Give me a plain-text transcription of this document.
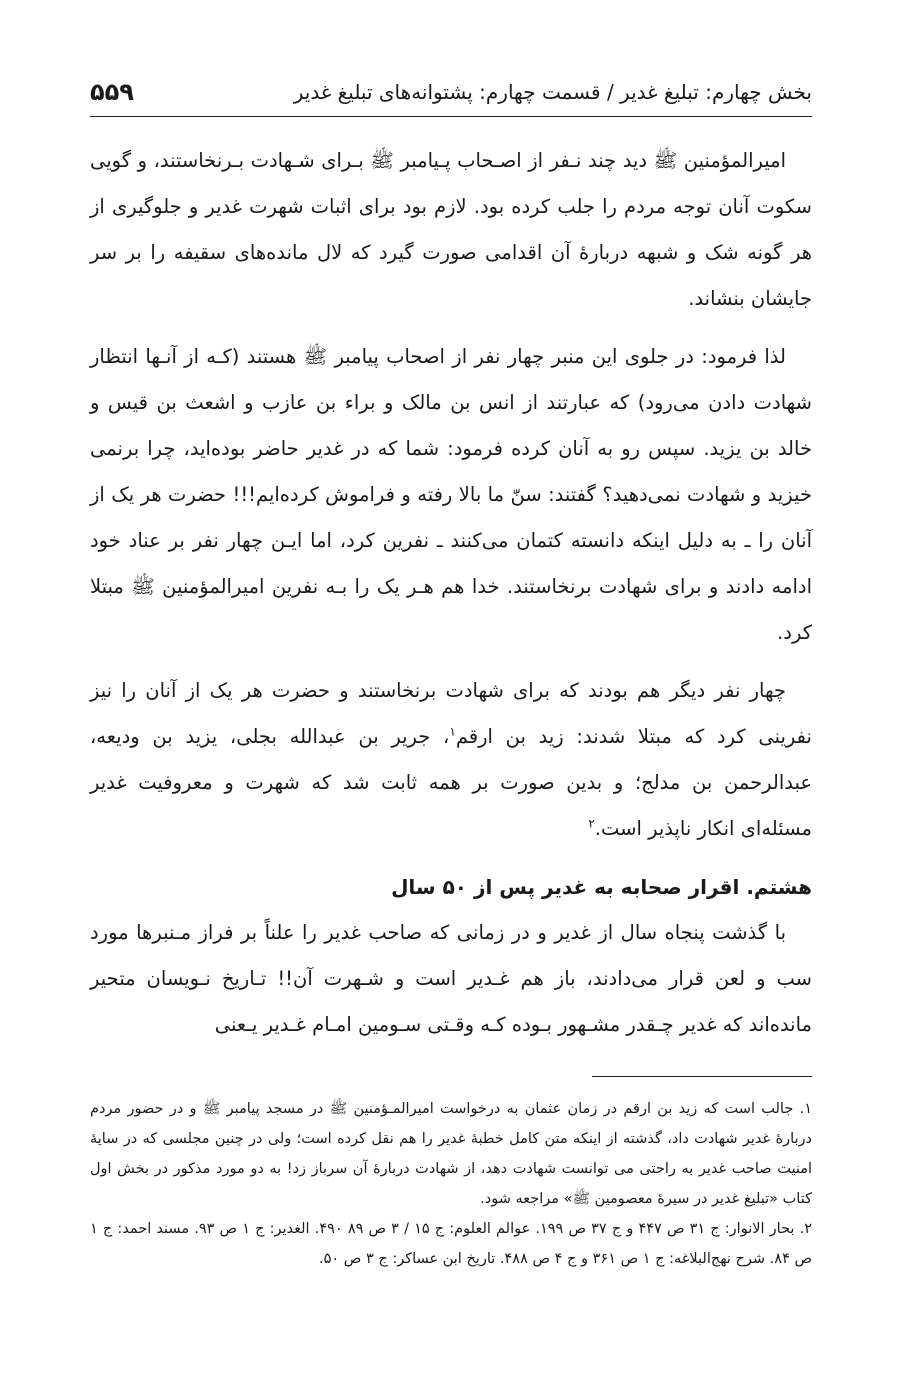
بخش چهارم: تبلیغ غدیر / قسمت چهارم: پشتوانه‌های تبلیغ غدیر
۵۵۹

امیرالمؤمنین ﷺ دید چند نـفر از اصـحاب پـیامبر ﷺ بـرای شـهادت بـرنخاستند، و گویی سکوت آنان توجه مردم را جلب کرده بود. لازم بود برای اثبات شهرت غدیر و جلوگیری از هر گونه شک و شبهه دربارهٔ آن اقدامی صورت گیرد که لال مانده‌های سقیفه را بر سر جایشان بنشاند.

لذا فرمود: در جلوی این منبر چهار نفر از اصحاب پیامبر ﷺ هستند (کـه از آنـها انتظار شهادت دادن می‌رود) که عبارتند از انس بن مالک و براء بن عازب و اشعث بن قیس و خالد بن یزید. سپس رو به آنان کرده فرمود: شما که در غدیر حاضر بوده‌اید، چرا برنمی خیزید و شهادت نمی‌دهید؟ گفتند: سنّ ما بالا رفته و فراموش کرده‌ایم!!! حضرت هر یک از آنان را ـ به دلیل اینکه دانسته کتمان می‌کنند ـ نفرین کرد، اما ایـن چهار نفر بر عناد خود ادامه دادند و برای شهادت برنخاستند. خدا هم هـر یک را بـه نفرین امیرالمؤمنین ﷺ مبتلا کرد.

چهار نفر دیگر هم بودند که برای شهادت برنخاستند و حضرت هر یک از آنان را نیز نفرینی کرد که مبتلا شدند: زید بن ارقم$^۱$، جریر بن عبدالله بجلی، یزید بن ودیعه، عبدالرحمن بن مدلج؛ و بدین صورت بر همه ثابت شد که شهرت و معروفیت غدیر مسئله‌ای انکار ناپذیر است.$^۲$

هشتم. اقرار صحابه به غدیر پس از ۵۰ سال

با گذشت پنجاه سال از غدیر و در زمانی که صاحب غدیر را علناً بر فراز مـنبرها مورد سب و لعن قرار می‌دادند، باز هم غـدیر است و شـهرت آن!! تـاریخ نـویسان متحیر مانده‌اند که غدیر چـقدر مشـهور بـوده کـه وقـتی سـومین امـام غـدیر یـعنی

۱. جالب است که زید بن ارقم در زمان عثمان به درخواست امیرالمـؤمنین ﷺ در مسجد پیامبر ﷺ و در حضور مردم دربارهٔ غدیر شهادت داد، گذشته از اینکه متن کامل خطبهٔ غدیر را هم نقل کرده است؛ ولی در چنین مجلسی که در سایهٔ امنیت صاحب غدیر به راحتی می توانست شهادت دهد، از شهادت دربارهٔ آن سرباز زد! به دو مورد مذکور در بخش اول کتاب «تبلیغ غدیر در سیرهٔ معصومین ﷺ» مراجعه شود.

۲. بحار الانوار: ج ۳۱ ص ۴۴۷ و ج ۳۷ ص ۱۹۹. عوالم العلوم: ج ۱۵ / ۳ ص ۸۹ ۴۹۰. الغدیر: ج ۱ ص ۹۳. مسند احمد: ج ۱ ص ۸۴. شرح نهج‌البلاغه: ج ۱ ص ۳۶۱ و ج ۴ ص ۴۸۸. تاریخ ابن عساکر: ج ۳ ص ۵۰.
